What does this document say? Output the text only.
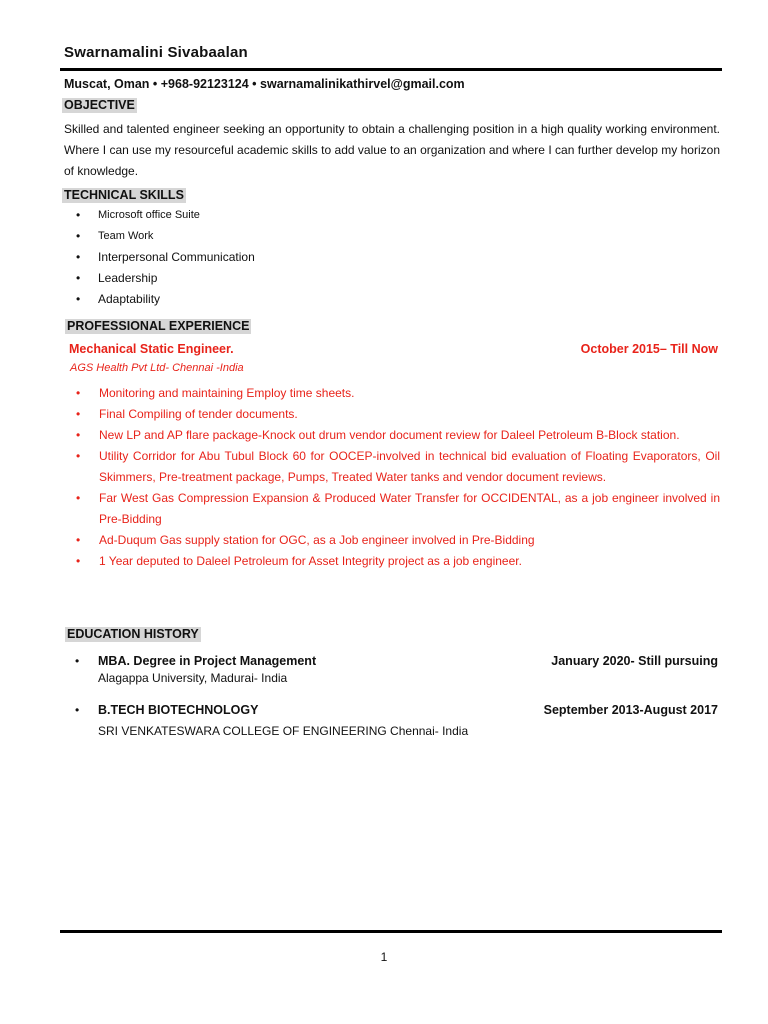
Swarnamalini Sivabaalan
Muscat, Oman • +968-92123124 • swarnamalinikathirvel@gmail.com
OBJECTIVE
Skilled and talented engineer seeking an opportunity to obtain a challenging position in a high quality working environment. Where I can use my resourceful academic skills to add value to an organization and where I can further develop my horizon of knowledge.
TECHNICAL SKILLS
• Microsoft office Suite
• Team Work
• Interpersonal Communication
• Leadership
• Adaptability
PROFESSIONAL EXPERIENCE
Mechanical Static Engineer.	October 2015– Till Now
AGS Health Pvt Ltd- Chennai -India
• Monitoring and maintaining Employ time sheets.
• Final Compiling of tender documents.
• New LP and AP flare package-Knock out drum vendor document review for Daleel Petroleum B-Block station.
• Utility Corridor for Abu Tubul Block 60 for OOCEP-involved in technical bid evaluation of Floating Evaporators, Oil Skimmers, Pre-treatment package, Pumps, Treated Water tanks and vendor document reviews.
• Far West Gas Compression Expansion & Produced Water Transfer for OCCIDENTAL, as a job engineer involved in Pre-Bidding
• Ad-Duqum Gas supply station for OGC, as a Job engineer involved in Pre-Bidding
• 1 Year deputed to Daleel Petroleum for Asset Integrity project as a job engineer.
EDUCATION HISTORY
• MBA. Degree in Project Management	January 2020- Still pursuing
Alagappa University, Madurai- India
• B.TECH BIOTECHNOLOGY	September 2013-August 2017
SRI VENKATESWARA COLLEGE OF ENGINEERING Chennai- India
1
